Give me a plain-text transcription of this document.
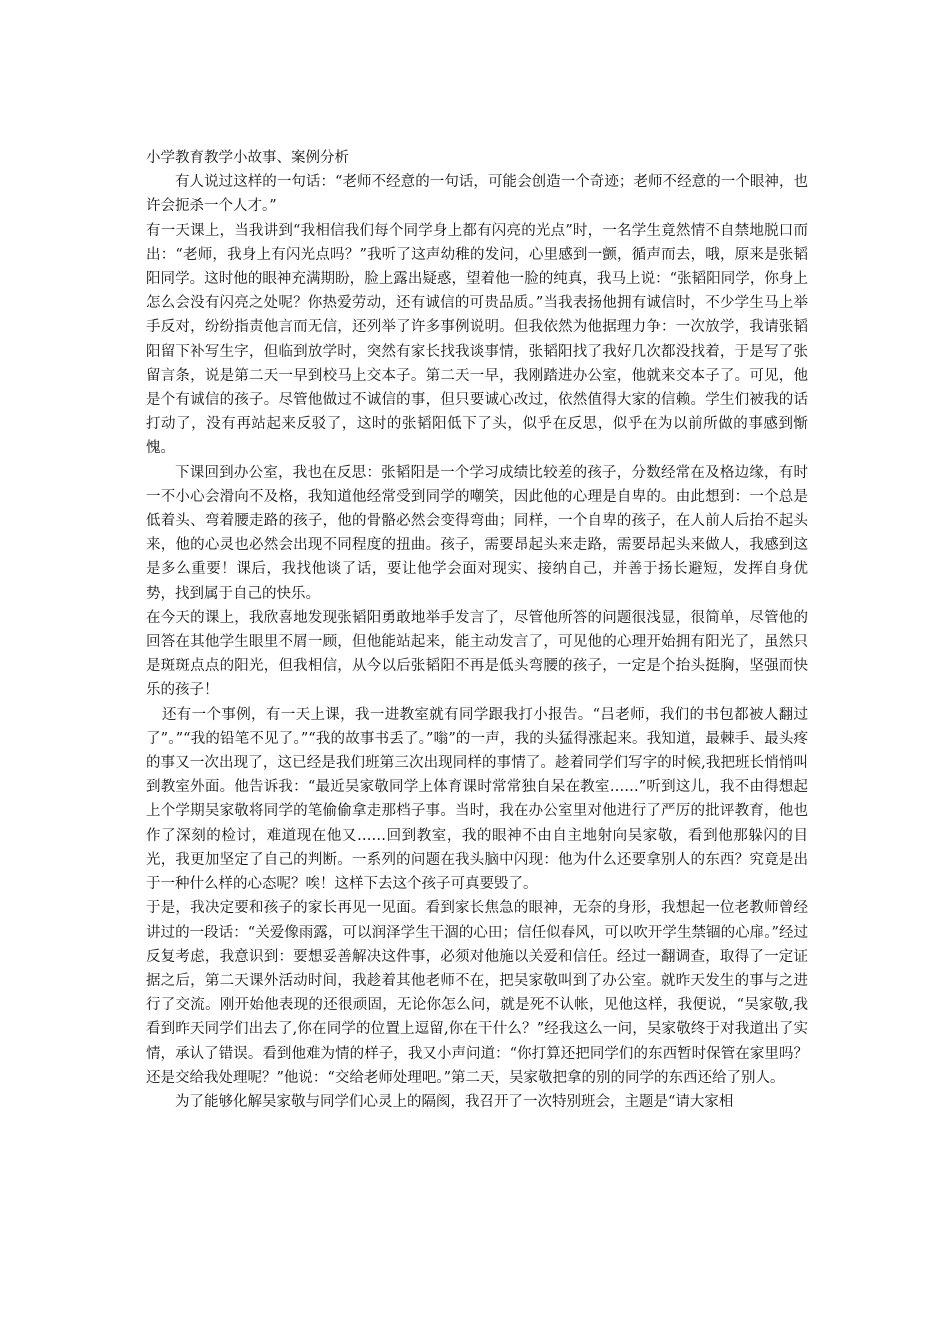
小学教育教学小故事、案例分析

有人说过这样的一句话：“老师不经意的一句话，可能会创造一个奇迹；老师不经意的一个眼神，也许会扼杀一个人才。”

有一天课上，当我讲到“我相信我们每个同学身上都有闪亮的光点”时，一名学生竟然情不自禁地脱口而出：“老师，我身上有闪光点吗？”我听了这声幼稚的发问，心里感到一颤，循声而去，哦，原来是张韬阳同学。这时他的眼神充满期盼，脸上露出疑惑，望着他一脸的纯真，我马上说：“张韬阳同学，你身上怎么会没有闪亮之处呢？你热爱劳动，还有诚信的可贵品质。”当我表扬他拥有诚信时，不少学生马上举手反对，纷纷指责他言而无信，还列举了许多事例说明。但我依然为他据理力争：一次放学，我请张韬阳留下补写生字，但临到放学时，突然有家长找我谈事情，张韬阳找了我好几次都没找着，于是写了张留言条，说是第二天一早到校马上交本子。第二天一早，我刚踏进办公室，他就来交本子了。可见，他是个有诚信的孩子。尽管他做过不诚信的事，但只要诚心改过，依然值得大家的信赖。学生们被我的话打动了，没有再站起来反驳了，这时的张韬阳低下了头，似乎在反思，似乎在为以前所做的事感到惭愧。

下课回到办公室，我也在反思：张韬阳是一个学习成绩比较差的孩子，分数经常在及格边缘，有时一不小心会滑向不及格，我知道他经常受到同学的嘲笑，因此他的心理是自卑的。由此想到：一个总是低着头、弯着腰走路的孩子，他的骨骼必然会变得弯曲；同样，一个自卑的孩子，在人前人后抬不起头来，他的心灵也必然会出现不同程度的扭曲。孩子，需要昂起头来走路，需要昂起头来做人，我感到这是多么重要！课后，我找他谈了话，要让他学会面对现实、接纳自己，并善于扬长避短，发挥自身优势，找到属于自己的快乐。

在今天的课上，我欣喜地发现张韬阳勇敢地举手发言了，尽管他所答的问题很浅显，很简单，尽管他的回答在其他学生眼里不屑一顾，但他能站起来，能主动发言了，可见他的心理开始拥有阳光了，虽然只是斑斑点点的阳光，但我相信，从今以后张韬阳不再是低头弯腰的孩子，一定是个抬头挺胸，坚强而快乐的孩子！

还有一个事例，有一天上课，我一进教室就有同学跟我打小报告。“吕老师，我们的书包都被人翻过了”。”“我的铅笔不见了。”“我的故事书丢了。”嗡”的一声，我的头猛得涨起来。我知道，最棘手、最头疼的事又一次出现了，这已经是我们班第三次出现同样的事情了。趁着同学们写字的时候,我把班长悄悄叫到教室外面。他告诉我：“最近吴家敬同学上体育课时常常独自呆在教室……”听到这儿，我不由得想起上个学期吴家敬将同学的笔偷偷拿走那档子事。当时，我在办公室里对他进行了严厉的批评教育，他也作了深刻的检讨，难道现在他又……回到教室，我的眼神不由自主地射向吴家敬，看到他那躲闪的目光，我更加坚定了自己的判断。一系列的问题在我头脑中闪现：他为什么还要拿别人的东西？究竟是出于一种什么样的心态呢？唉！这样下去这个孩子可真要毁了。

于是，我决定要和孩子的家长再见一见面。看到家长焦急的眼神，无奈的身形，我想起一位老教师曾经讲过的一段话：“关爱像雨露，可以润泽学生干涸的心田；信任似春风，可以吹开学生禁锢的心扉。”经过反复考虑，我意识到：要想妥善解决这件事，必须对他施以关爱和信任。经过一翻调查，取得了一定证据之后，第二天课外活动时间，我趁着其他老师不在，把吴家敬叫到了办公室。就昨天发生的事与之进行了交流。刚开始他表现的还很顽固，无论你怎么问，就是死不认帐，见他这样，我便说，“吴家敬,我看到昨天同学们出去了,你在同学的位置上逗留,你在干什么？”经我这么一问，吴家敬终于对我道出了实情，承认了错误。看到他难为情的样子，我又小声问道：“你打算还把同学们的东西暂时保管在家里吗？还是交给我处理呢？”他说：“交给老师处理吧。”第二天，吴家敬把拿的别的同学的东西还给了别人。

为了能够化解吴家敬与同学们心灵上的隔阂，我召开了一次特别班会，主题是“请大家相
